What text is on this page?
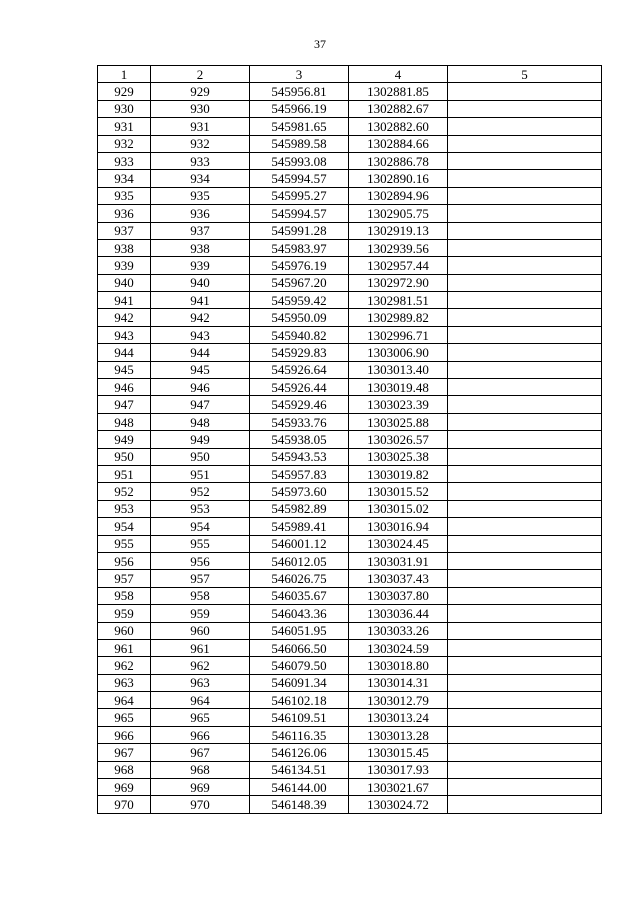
37
1	2	3	4	5
929	929	545956.81	1302881.85	
930	930	545966.19	1302882.67	
931	931	545981.65	1302882.60	
932	932	545989.58	1302884.66	
933	933	545993.08	1302886.78	
934	934	545994.57	1302890.16	
935	935	545995.27	1302894.96	
936	936	545994.57	1302905.75	
937	937	545991.28	1302919.13	
938	938	545983.97	1302939.56	
939	939	545976.19	1302957.44	
940	940	545967.20	1302972.90	
941	941	545959.42	1302981.51	
942	942	545950.09	1302989.82	
943	943	545940.82	1302996.71	
944	944	545929.83	1303006.90	
945	945	545926.64	1303013.40	
946	946	545926.44	1303019.48	
947	947	545929.46	1303023.39	
948	948	545933.76	1303025.88	
949	949	545938.05	1303026.57	
950	950	545943.53	1303025.38	
951	951	545957.83	1303019.82	
952	952	545973.60	1303015.52	
953	953	545982.89	1303015.02	
954	954	545989.41	1303016.94	
955	955	546001.12	1303024.45	
956	956	546012.05	1303031.91	
957	957	546026.75	1303037.43	
958	958	546035.67	1303037.80	
959	959	546043.36	1303036.44	
960	960	546051.95	1303033.26	
961	961	546066.50	1303024.59	
962	962	546079.50	1303018.80	
963	963	546091.34	1303014.31	
964	964	546102.18	1303012.79	
965	965	546109.51	1303013.24	
966	966	546116.35	1303013.28	
967	967	546126.06	1303015.45	
968	968	546134.51	1303017.93	
969	969	546144.00	1303021.67	
970	970	546148.39	1303024.72	
